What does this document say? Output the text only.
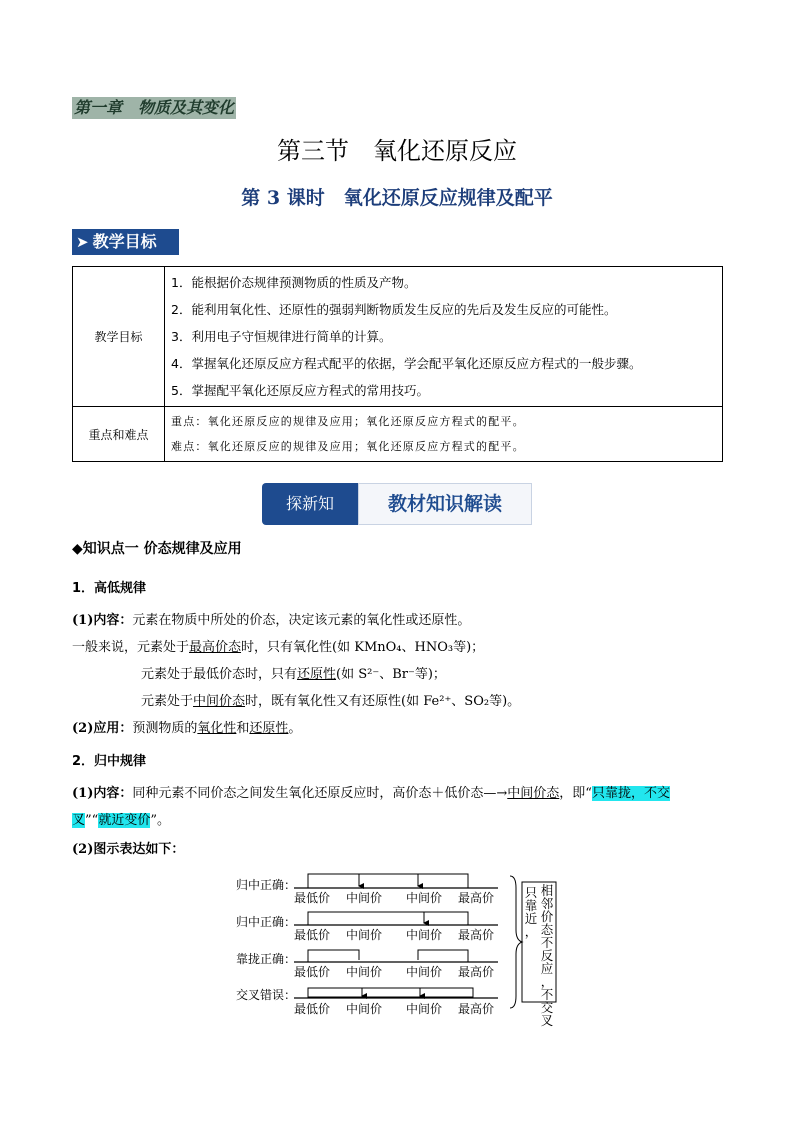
第一章　物质及其变化
第三节　氧化还原反应
第 3 课时　氧化还原反应规律及配平
➤ 教学目标
教学目标	1．能根据价态规律预测物质的性质及产物。
2．能利用氧化性、还原性的强弱判断物质发生反应的先后及发生反应的可能性。
3．利用电子守恒规律进行简单的计算。
4．掌握氧化还原反应方程式配平的依据，学会配平氧化还原反应方程式的一般步骤。
5．掌握配平氧化还原反应方程式的常用技巧。

重点和难点	重点：氧化还原反应的规律及应用；氧化还原反应方程式的配平。
难点：氧化还原反应的规律及应用；氧化还原反应方程式的配平。
探新知	教材知识解读
◆知识点一 价态规律及应用
1．高低规律
(1)内容：元素在物质中所处的价态，决定该元素的氧化性或还原性。
一般来说，元素处于最高价态时，只有氧化性(如 KMnO₄、HNO₃等)；
元素处于最低价态时，只有还原性(如 S²⁻、Br⁻等)；
元素处于中间价态时，既有氧化性又有还原性(如 Fe²⁺、SO₂等)。
(2)应用：预测物质的氧化性和还原性。
2．归中规律
(1)内容：同种元素不同价态之间发生氧化还原反应时，高价态＋低价态—→中间价态，即“只靠拢，不交
叉”“就近变价”。
(2)图示表达如下：
归中正确：
最低价 中间价 中间价 最高价
归中正确：
最低价 中间价 中间价 最高价
靠拢正确：
最低价 中间价 中间价 最高价
交叉错误：
最低价 中间价 中间价 最高价
只靠近，
相邻价态不反应，不交叉
